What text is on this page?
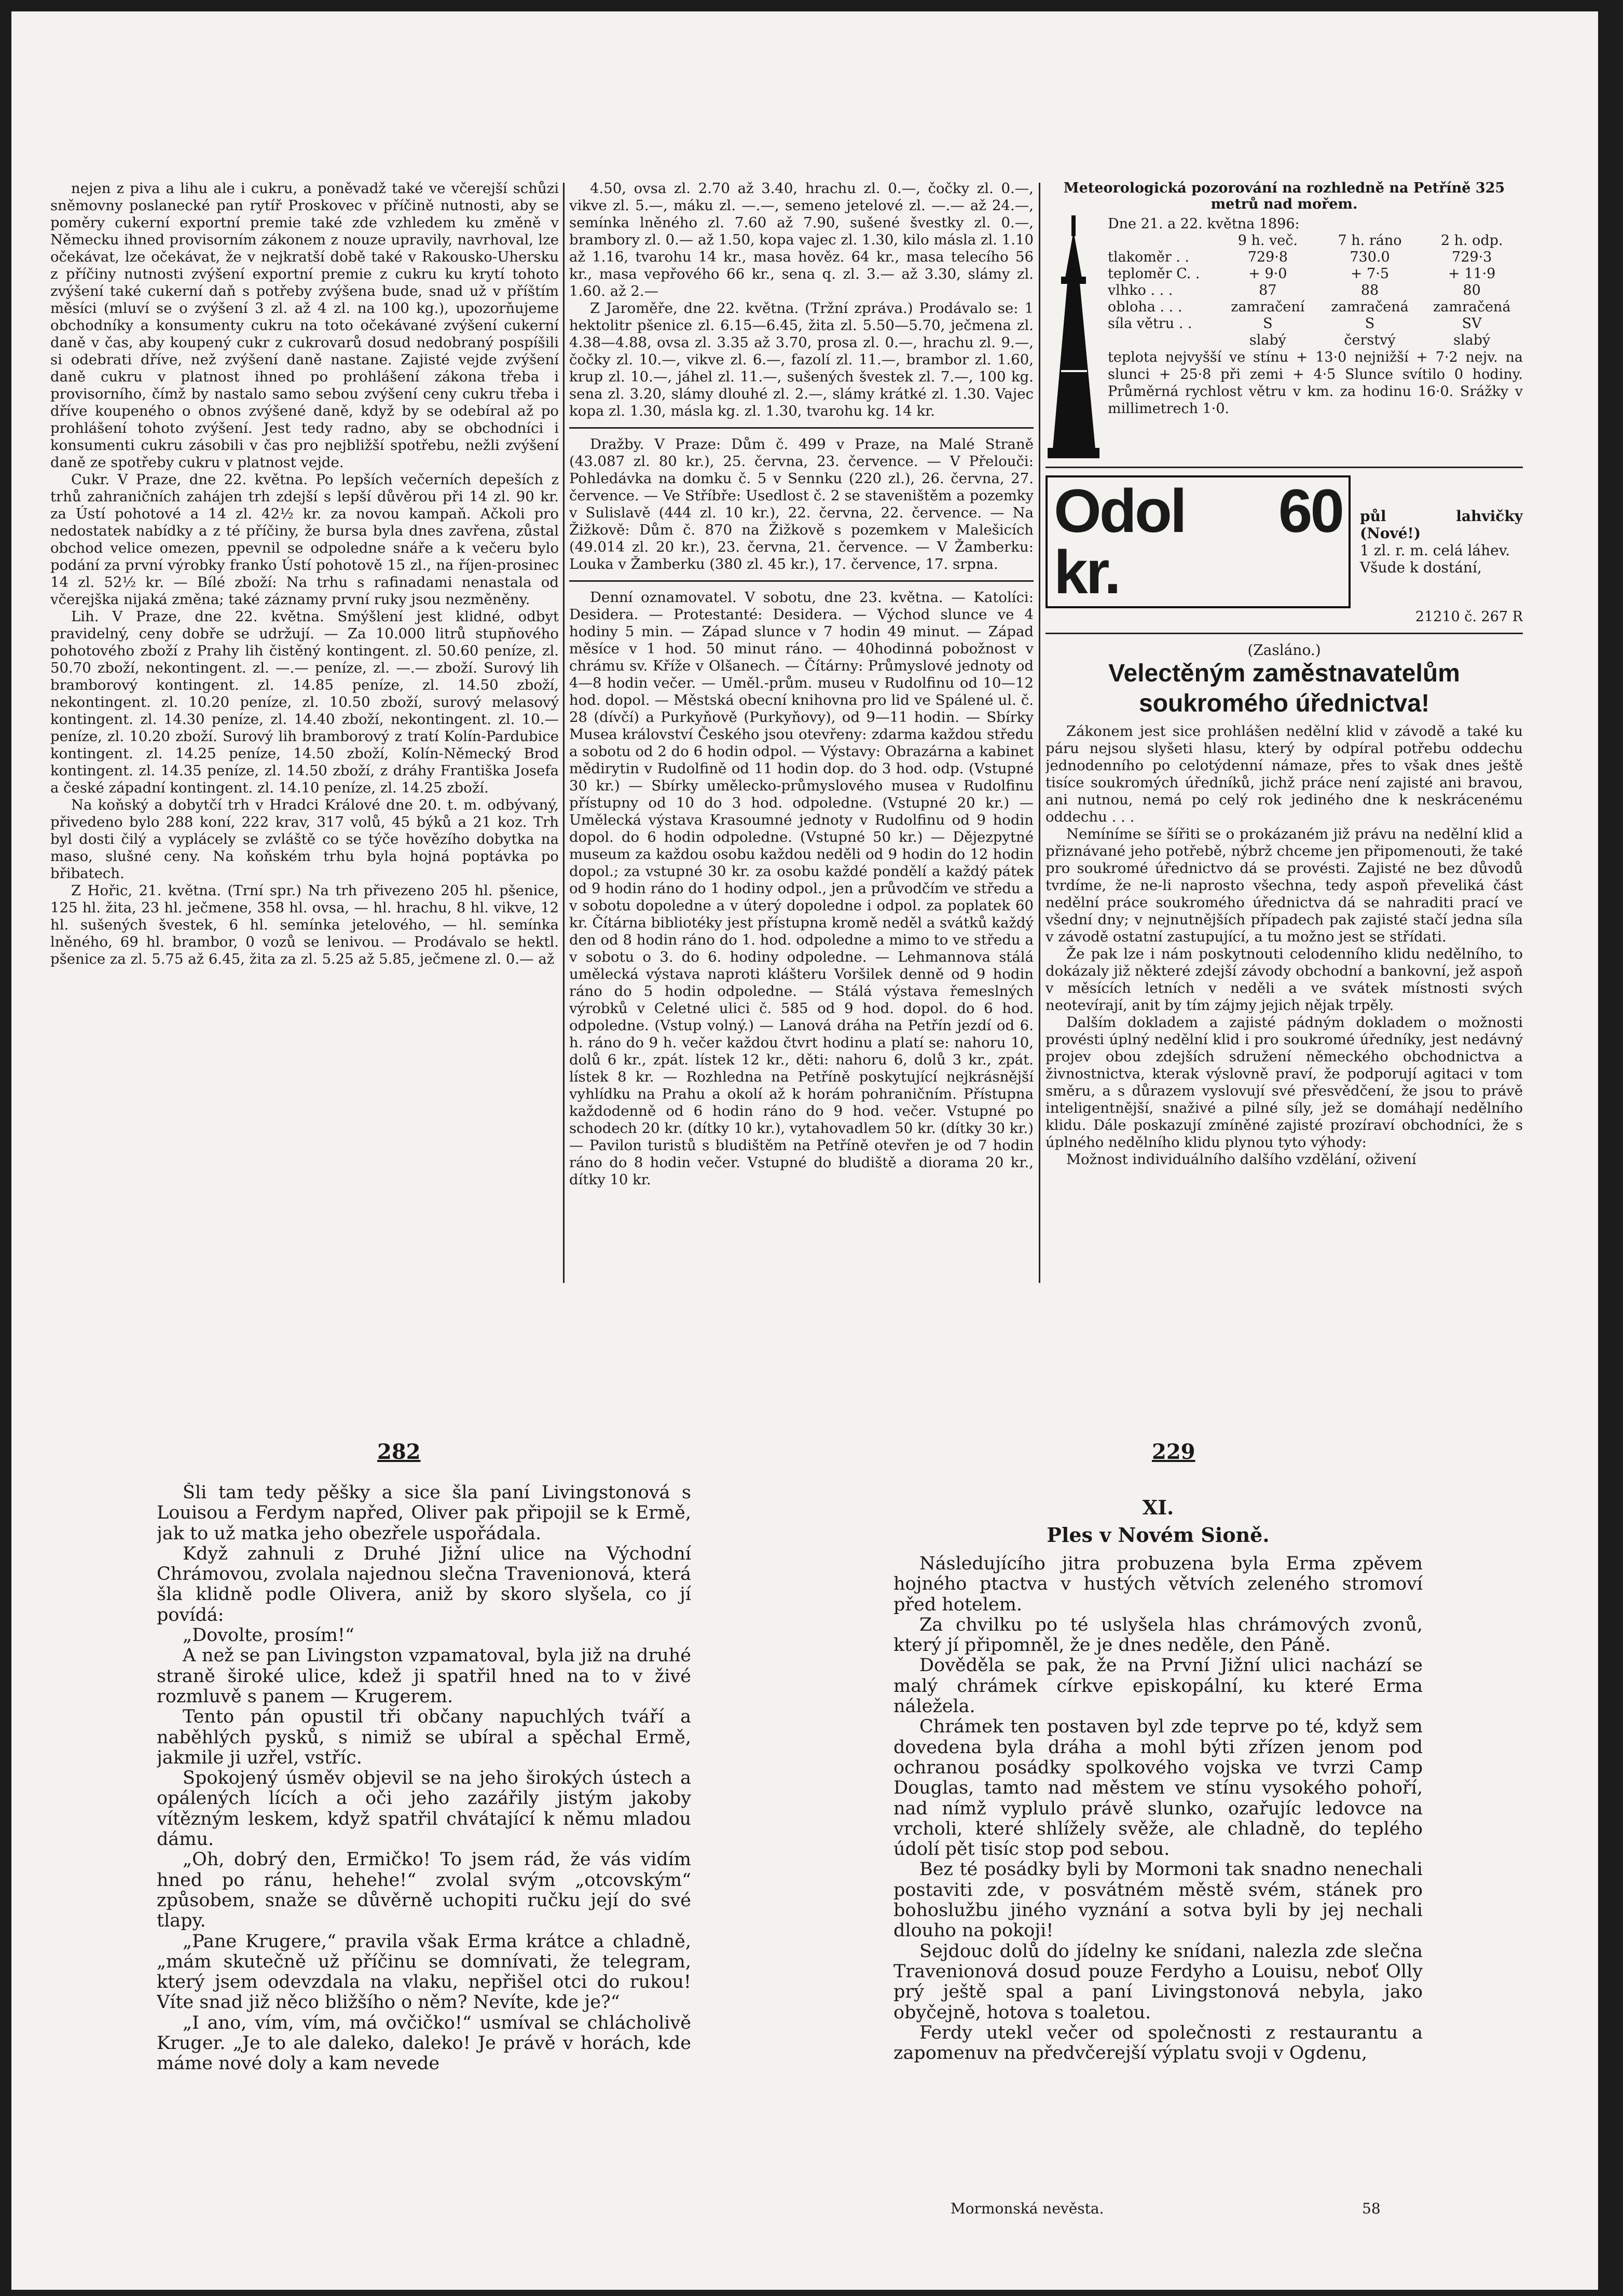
nejen z piva a lihu ale i cukru, a poněvadž také ve včerejší schůzi sněmovny poslanecké pan rytíř Proskovec v příčině nutnosti, aby se poměry cukerní exportní premie také zde vzhledem ku změně v Německu ihned provisorním zákonem z nouze upravily, navrhoval, lze očekávat, lze očekávat, že v nejkratší době také v Rakousko-Uhersku z příčiny nutnosti zvýšení exportní premie z cukru ku krytí tohoto zvýšení také cukerní daň s potřeby zvýšena bude, snad už v příštím měsíci (mluví se o zvýšení 3 zl. až 4 zl. na 100 kg.), upozorňujeme obchodníky a konsumenty cukru na toto očekávané zvýšení cukerní daně v čas, aby koupený cukr z cukrovarů dosud nedobraný pospíšili si odebrati dříve, než zvýšení daně nastane. Zajisté vejde zvýšení daně cukru v platnost ihned po prohlášení zákona třeba i provisorního, čímž by nastalo samo sebou zvýšení ceny cukru třeba i dříve koupeného o obnos zvýšené daně, když by se odebíral až po prohlášení tohoto zvýšení. Jest tedy radno, aby se obchodníci i konsumenti cukru zásobili v čas pro nejbližší spotřebu, nežli zvýšení daně ze spotřeby cukru v platnost vejde.

Cukr. V Praze, dne 22. května. Po lepších večerních depeších z trhů zahraničních zahájen trh zdejší s lepší důvěrou při 14 zl. 90 kr. za Ústí pohotové a 14 zl. 42½ kr. za novou kampaň. Ačkoli pro nedostatek nabídky a z té příčiny, že bursa byla dnes zavřena, zůstal obchod velice omezen, ppevnil se odpoledne snáře a k večeru bylo podání za první výrobky franko Ústí pohotově 15 zl., na říjen-prosinec 14 zl. 52½ kr. — Bílé zboží: Na trhu s rafinadami nenastala od včerejška nijaká změna; také záznamy první ruky jsou nezměněny.

Lih. V Praze, dne 22. května. Smýšlení jest klidné, odbyt pravidelný, ceny dobře se udržují. — Za 10.000 litrů stupňového pohotového zboží z Prahy lih čistěný kontingent. zl. 50.60 peníze, zl. 50.70 zboží, nekontingent. zl. —.— peníze, zl. —.— zboží. Surový lih bramborový kontingent. zl. 14.85 peníze, zl. 14.50 zboží, nekontingent. zl. 10.20 peníze, zl. 10.50 zboží, surový melasový kontingent. zl. 14.30 peníze, zl. 14.40 zboží, nekontingent. zl. 10.— peníze, zl. 10.20 zboží. Surový lih bramborový z tratí Kolín-Pardubice kontingent. zl. 14.25 peníze, 14.50 zboží, Kolín-Německý Brod kontingent. zl. 14.35 peníze, zl. 14.50 zboží, z dráhy Františka Josefa a české západní kontingent. zl. 14.10 peníze, zl. 14.25 zboží.

Na koňský a dobytčí trh v Hradci Králové dne 20. t. m. odbývaný, přivedeno bylo 288 koní, 222 krav, 317 volů, 45 býků a 21 koz. Trh byl dosti čilý a vyplácely se zvláště co se týče hovězího dobytka na maso, slušné ceny. Na koňském trhu byla hojná poptávka po břibatech.

Z Hořic, 21. května. (Trní spr.) Na trh přivezeno 205 hl. pšenice, 125 hl. žita, 23 hl. ječmene, 358 hl. ovsa, — hl. hrachu, 8 hl. vikve, 12 hl. sušených švestek, 6 hl. semínka jetelového, — hl. semínka lněného, 69 hl. brambor, 0 vozů se lenivou. — Prodávalo se hektl. pšenice za zl. 5.75 až 6.45, žita za zl. 5.25 až 5.85, ječmene zl. 0.— až

4.50, ovsa zl. 2.70 až 3.40, hrachu zl. 0.—, čočky zl. 0.—, vikve zl. 5.—, máku zl. —.—, semeno jetelové zl. —.— až 24.—, semínka lněného zl. 7.60 až 7.90, sušené švestky zl. 0.—, brambory zl. 0.— až 1.50, kopa vajec zl. 1.30, kilo másla zl. 1.10 až 1.16, tvarohu 14 kr., masa hověz. 64 kr., masa telecího 56 kr., masa vepřového 66 kr., sena q. zl. 3.— až 3.30, slámy zl. 1.60. až 2.—

Z Jaroměře, dne 22. května. (Tržní zpráva.) Prodávalo se: 1 hektolitr pšenice zl. 6.15—6.45, žita zl. 5.50—5.70, ječmena zl. 4.38—4.88, ovsa zl. 3.35 až 3.70, prosa zl. 0.—, hrachu zl. 9.—, čočky zl. 10.—, vikve zl. 6.—, fazolí zl. 11.—, brambor zl. 1.60, krup zl. 10.—, jáhel zl. 11.—, sušených švestek zl. 7.—, 100 kg. sena zl. 3.20, slámy dlouhé zl. 2.—, slámy krátké zl. 1.30. Vajec kopa zl. 1.30, másla kg. zl. 1.30, tvarohu kg. 14 kr.

Dražby. V Praze: Dům č. 499 v Praze, na Malé Straně (43.087 zl. 80 kr.), 25. června, 23. července. — V Přelouči: Pohledávka na domku č. 5 v Sennku (220 zl.), 26. června, 27. července. — Ve Stříbře: Usedlost č. 2 se staveništěm a pozemky v Sulislavě (444 zl. 10 kr.), 22. června, 22. července. — Na Žižkově: Dům č. 870 na Žižkově s pozemkem v Malešicích (49.014 zl. 20 kr.), 23. června, 21. července. — V Žamberku: Louka v Žamberku (380 zl. 45 kr.), 17. července, 17. srpna.

Denní oznamovatel. V sobotu, dne 23. května. — Katolíci: Desidera. — Protestanté: Desidera. — Východ slunce ve 4 hodiny 5 min. — Západ slunce v 7 hodin 49 minut. — Západ měsíce v 1 hod. 50 minut ráno. — 40hodinná pobožnost v chrámu sv. Kříže v Olšanech. — Čítárny: Průmyslové jednoty od 4—8 hodin večer. — Uměl.-prům. museu v Rudolfinu od 10—12 hod. dopol. — Městská obecní knihovna pro lid ve Spálené ul. č. 28 (dívčí) a Purkyňově (Purkyňovy), od 9—11 hodin. — Sbírky Musea království Českého jsou otevřeny: zdarma každou středu a sobotu od 2 do 6 hodin odpol. — Výstavy: Obrazárna a kabinet mědirytin v Rudolfině od 11 hodin dop. do 3 hod. odp. (Vstupné 30 kr.) — Sbírky umělecko-průmyslového musea v Rudolfinu přístupny od 10 do 3 hod. odpoledne. (Vstupné 20 kr.) — Umělecká výstava Krasoumné jednoty v Rudolfinu od 9 hodin dopol. do 6 hodin odpoledne. (Vstupné 50 kr.) — Dějezpytné museum za každou osobu každou neděli od 9 hodin do 12 hodin dopol.; za vstupné 30 kr. za osobu každé pondělí a každý pátek od 9 hodin ráno do 1 hodiny odpol., jen a průvodčím ve středu a v sobotu dopoledne a v úterý dopoledne i odpol. za poplatek 60 kr. Čítárna bibliotéky jest přístupna kromě neděl a svátků každý den od 8 hodin ráno do 1. hod. odpoledne a mimo to ve středu a v sobotu o 3. do 6. hodiny odpoledne. — Lehmannova stálá umělecká výstava naproti klášteru Voršilek denně od 9 hodin ráno do 5 hodin odpoledne. — Stálá výstava řemeslných výrobků v Celetné ulici č. 585 od 9 hod. dopol. do 6 hod. odpoledne. (Vstup volný.) — Lanová dráha na Petřín jezdí od 6. h. ráno do 9 h. večer každou čtvrt hodinu a platí se: nahoru 10, dolů 6 kr., zpát. lístek 12 kr., děti: nahoru 6, dolů 3 kr., zpát. lístek 8 kr. — Rozhledna na Petříně poskytující nejkrásnější vyhlídku na Prahu a okolí až k horám pohraničním. Přístupna každodenně od 6 hodin ráno do 9 hod. večer. Vstupné po schodech 20 kr. (dítky 10 kr.), vytahovadlem 50 kr. (dítky 30 kr.) — Pavilon turistů s bludištěm na Petříně otevřen je od 7 hodin ráno do 8 hodin večer. Vstupné do bludiště a diorama 20 kr., dítky 10 kr.

Meteorologická pozorování na rozhledně na Petříně 325 metrů nad mořem.
Dne 21. a 22. května 1896:
9 h. več.	7 h. ráno	2 h. odp.
tlakoměr . .	729·8	730.0	729·3
teploměr C. .	+ 9·0	+ 7·5	+ 11·9
vlhko . . .	87	88	80
obloha . . .	zamračení	zamračená	zamračená
síla větru . .	S	S	SV
slabý	čerstvý	slabý

teplota nejvyšší ve stínu + 13·0 nejnižší + 7·2 nejv. na slunci + 25·8 při zemi + 4·5 Slunce svítilo 0 hodiny. Průměrná rychlost větru v km. za hodinu 16·0. Srážky v millimetrech 1·0.

Odol 60 kr.
půl lahvičky (Nové!)
1 zl. r. m. celá láhev.
Všude k dostání,
21210 č. 267 R
(Zasláno.)
Velectěným zaměstnavatelům
soukromého úřednictva!

Zákonem jest sice prohlášen nedělní klid v závodě a také ku páru nejsou slyšeti hlasu, který by odpíral potřebu oddechu jednodenního po celotýdenní námaze, přes to však dnes ještě tisíce soukromých úředníků, jichž práce není zajisté ani bravou, ani nutnou, nemá po celý rok jediného dne k neskrácenému oddechu . . .

Nemíníme se šířiti se o prokázaném již právu na nedělní klid a přiznávané jeho potřebě, nýbrž chceme jen připomenouti, že také pro soukromé úřednictvo dá se provésti. Zajisté ne bez důvodů tvrdíme, že ne-li naprosto všechna, tedy aspoň převeliká část nedělní práce soukromého úřednictva dá se nahraditi prací ve všední dny; v nejnutnějších případech pak zajisté stačí jedna síla v závodě ostatní zastupující, a tu možno jest se střídati.

Že pak lze i nám poskytnouti celodenního klidu nedělního, to dokázaly již některé zdejší závody obchodní a bankovní, jež aspoň v měsících letních v neděli a ve svátek místnosti svých neotevírají, anit by tím zájmy jejich nějak trpěly.

Dalším dokladem a zajisté pádným dokladem o možnosti provésti úplný nedělní klid i pro soukromé úředníky, jest nedávný projev obou zdejších sdružení německého obchodnictva a živnostnictva, kterak výslovně praví, že podporují agitaci v tom směru, a s důrazem vyslovují své přesvědčení, že jsou to právě inteligentnější, snaživé a pilné síly, jež se domáhají nedělního klidu. Dále poskazují zmíněné zajisté prozíraví obchodníci, že s úplného nedělního klidu plynou tyto výhody:

Možnost individuálního dalšího vzdělání, oživení

282	229

Šli tam tedy pěšky a sice šla paní Livingstonová s Louisou a Ferdym napřed, Oliver pak připojil se k Ermě, jak to už matka jeho obezřele uspořádala.

Když zahnuli z Druhé Jižní ulice na Východní Chrámovou, zvolala najednou slečna Travenionová, která šla klidně podle Olivera, aniž by skoro slyšela, co jí povídá:

„Dovolte, prosím!“

A než se pan Livingston vzpamatoval, byla již na druhé straně široké ulice, kdež ji spatřil hned na to v živé rozmluvě s panem — Krugerem.

Tento pán opustil tři občany napuchlých tváří a naběhlých pysků, s nimiž se ubíral a spěchal Ermě, jakmile ji uzřel, vstříc.

Spokojený úsměv objevil se na jeho širokých ústech a opálených lících a oči jeho zazářily jistým jakoby vítězným leskem, když spatřil chvátající k němu mladou dámu.

„Oh, dobrý den, Ermičko! To jsem rád, že vás vidím hned po ránu, hehehe!“ zvolal svým „otcovským“ způsobem, snaže se důvěrně uchopiti ručku její do své tlapy.

„Pane Krugere,“ pravila však Erma krátce a chladně, „mám skutečně už příčinu se domnívati, že telegram, který jsem odevzdala na vlaku, nepřišel otci do rukou! Víte snad již něco bližšího o něm? Nevíte, kde je?“

„I ano, vím, vím, má ovčičko!“ usmíval se chlácholivě Kruger. „Je to ale daleko, daleko! Je právě v horách, kde máme nové doly a kam nevede

XI.
Ples v Novém Sioně.

Následujícího jitra probuzena byla Erma zpěvem hojného ptactva v hustých větvích zeleného stromoví před hotelem.

Za chvilku po té uslyšela hlas chrámových zvonů, který jí připomněl, že je dnes neděle, den Páně.

Dověděla se pak, že na První Jižní ulici nachází se malý chrámek církve episkopální, ku které Erma náležela.

Chrámek ten postaven byl zde teprve po té, když sem dovedena byla dráha a mohl býti zřízen jenom pod ochranou posádky spolkového vojska ve tvrzi Camp Douglas, tamto nad městem ve stínu vysokého pohoří, nad nímž vyplulo právě slunko, ozařujíc ledovce na vrcholi, které shlížely svěže, ale chladně, do teplého údolí pět tisíc stop pod sebou.

Bez té posádky byli by Mormoni tak snadno nenechali postaviti zde, v posvátném městě svém, stánek pro bohoslužbu jiného vyznání a sotva byli by jej nechali dlouho na pokoji!

Sejdouc dolů do jídelny ke snídani, nalezla zde slečna Travenionová dosud pouze Ferdyho a Louisu, neboť Olly prý ještě spal a paní Livingstonová nebyla, jako obyčejně, hotova s toaletou.

Ferdy utekl večer od společnosti z restaurantu a zapomenuv na předvčerejší výplatu svoji v Ogdenu,

Mormonská nevěsta.	58
